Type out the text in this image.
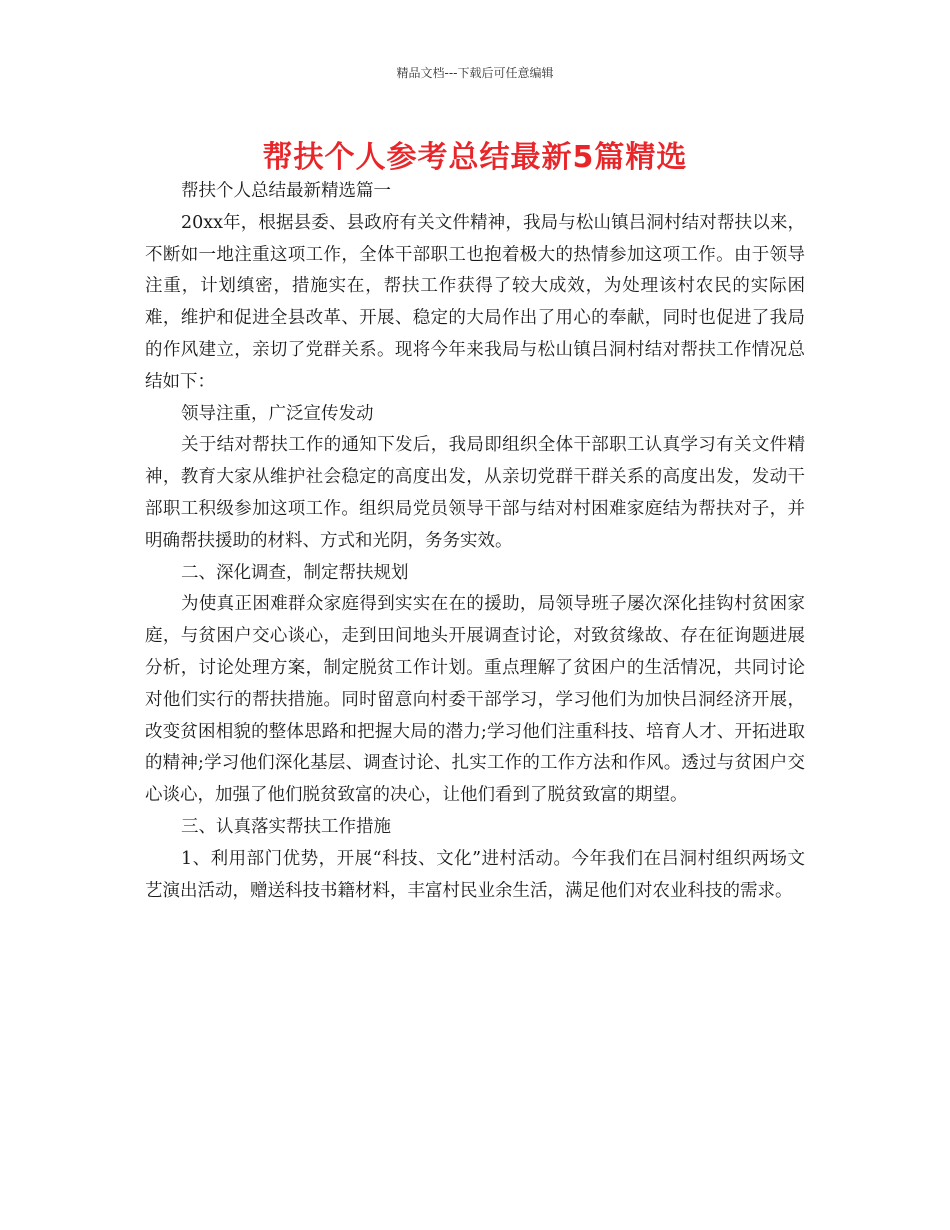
精品文档---下载后可任意编辑
帮扶个人参考总结最新5篇精选

帮扶个人总结最新精选篇一

20xx年，根据县委、县政府有关文件精神，我局与松山镇吕洞村结对帮扶以来，不断如一地注重这项工作，全体干部职工也抱着极大的热情参加这项工作。由于领导注重，计划缜密，措施实在，帮扶工作获得了较大成效，为处理该村农民的实际困难，维护和促进全县改革、开展、稳定的大局作出了用心的奉献，同时也促进了我局的作风建立，亲切了党群关系。现将今年来我局与松山镇吕洞村结对帮扶工作情况总结如下：

领导注重，广泛宣传发动

关于结对帮扶工作的通知下发后，我局即组织全体干部职工认真学习有关文件精神，教育大家从维护社会稳定的高度出发，从亲切党群干群关系的高度出发，发动干部职工积级参加这项工作。组织局党员领导干部与结对村困难家庭结为帮扶对子，并明确帮扶援助的材料、方式和光阴，务务实效。

二、深化调查，制定帮扶规划

为使真正困难群众家庭得到实实在在的援助，局领导班子屡次深化挂钩村贫困家庭，与贫困户交心谈心，走到田间地头开展调查讨论，对致贫缘故、存在征询题进展分析，讨论处理方案，制定脱贫工作计划。重点理解了贫困户的生活情况，共同讨论对他们实行的帮扶措施。同时留意向村委干部学习，学习他们为加快吕洞经济开展，改变贫困相貌的整体思路和把握大局的潜力;学习他们注重科技、培育人才、开拓进取的精神;学习他们深化基层、调查讨论、扎实工作的工作方法和作风。透过与贫困户交心谈心，加强了他们脱贫致富的决心，让他们看到了脱贫致富的期望。

三、认真落实帮扶工作措施

1、利用部门优势，开展“科技、文化”进村活动。今年我们在吕洞村组织两场文艺演出活动，赠送科技书籍材料，丰富村民业余生活，满足他们对农业科技的需求。
